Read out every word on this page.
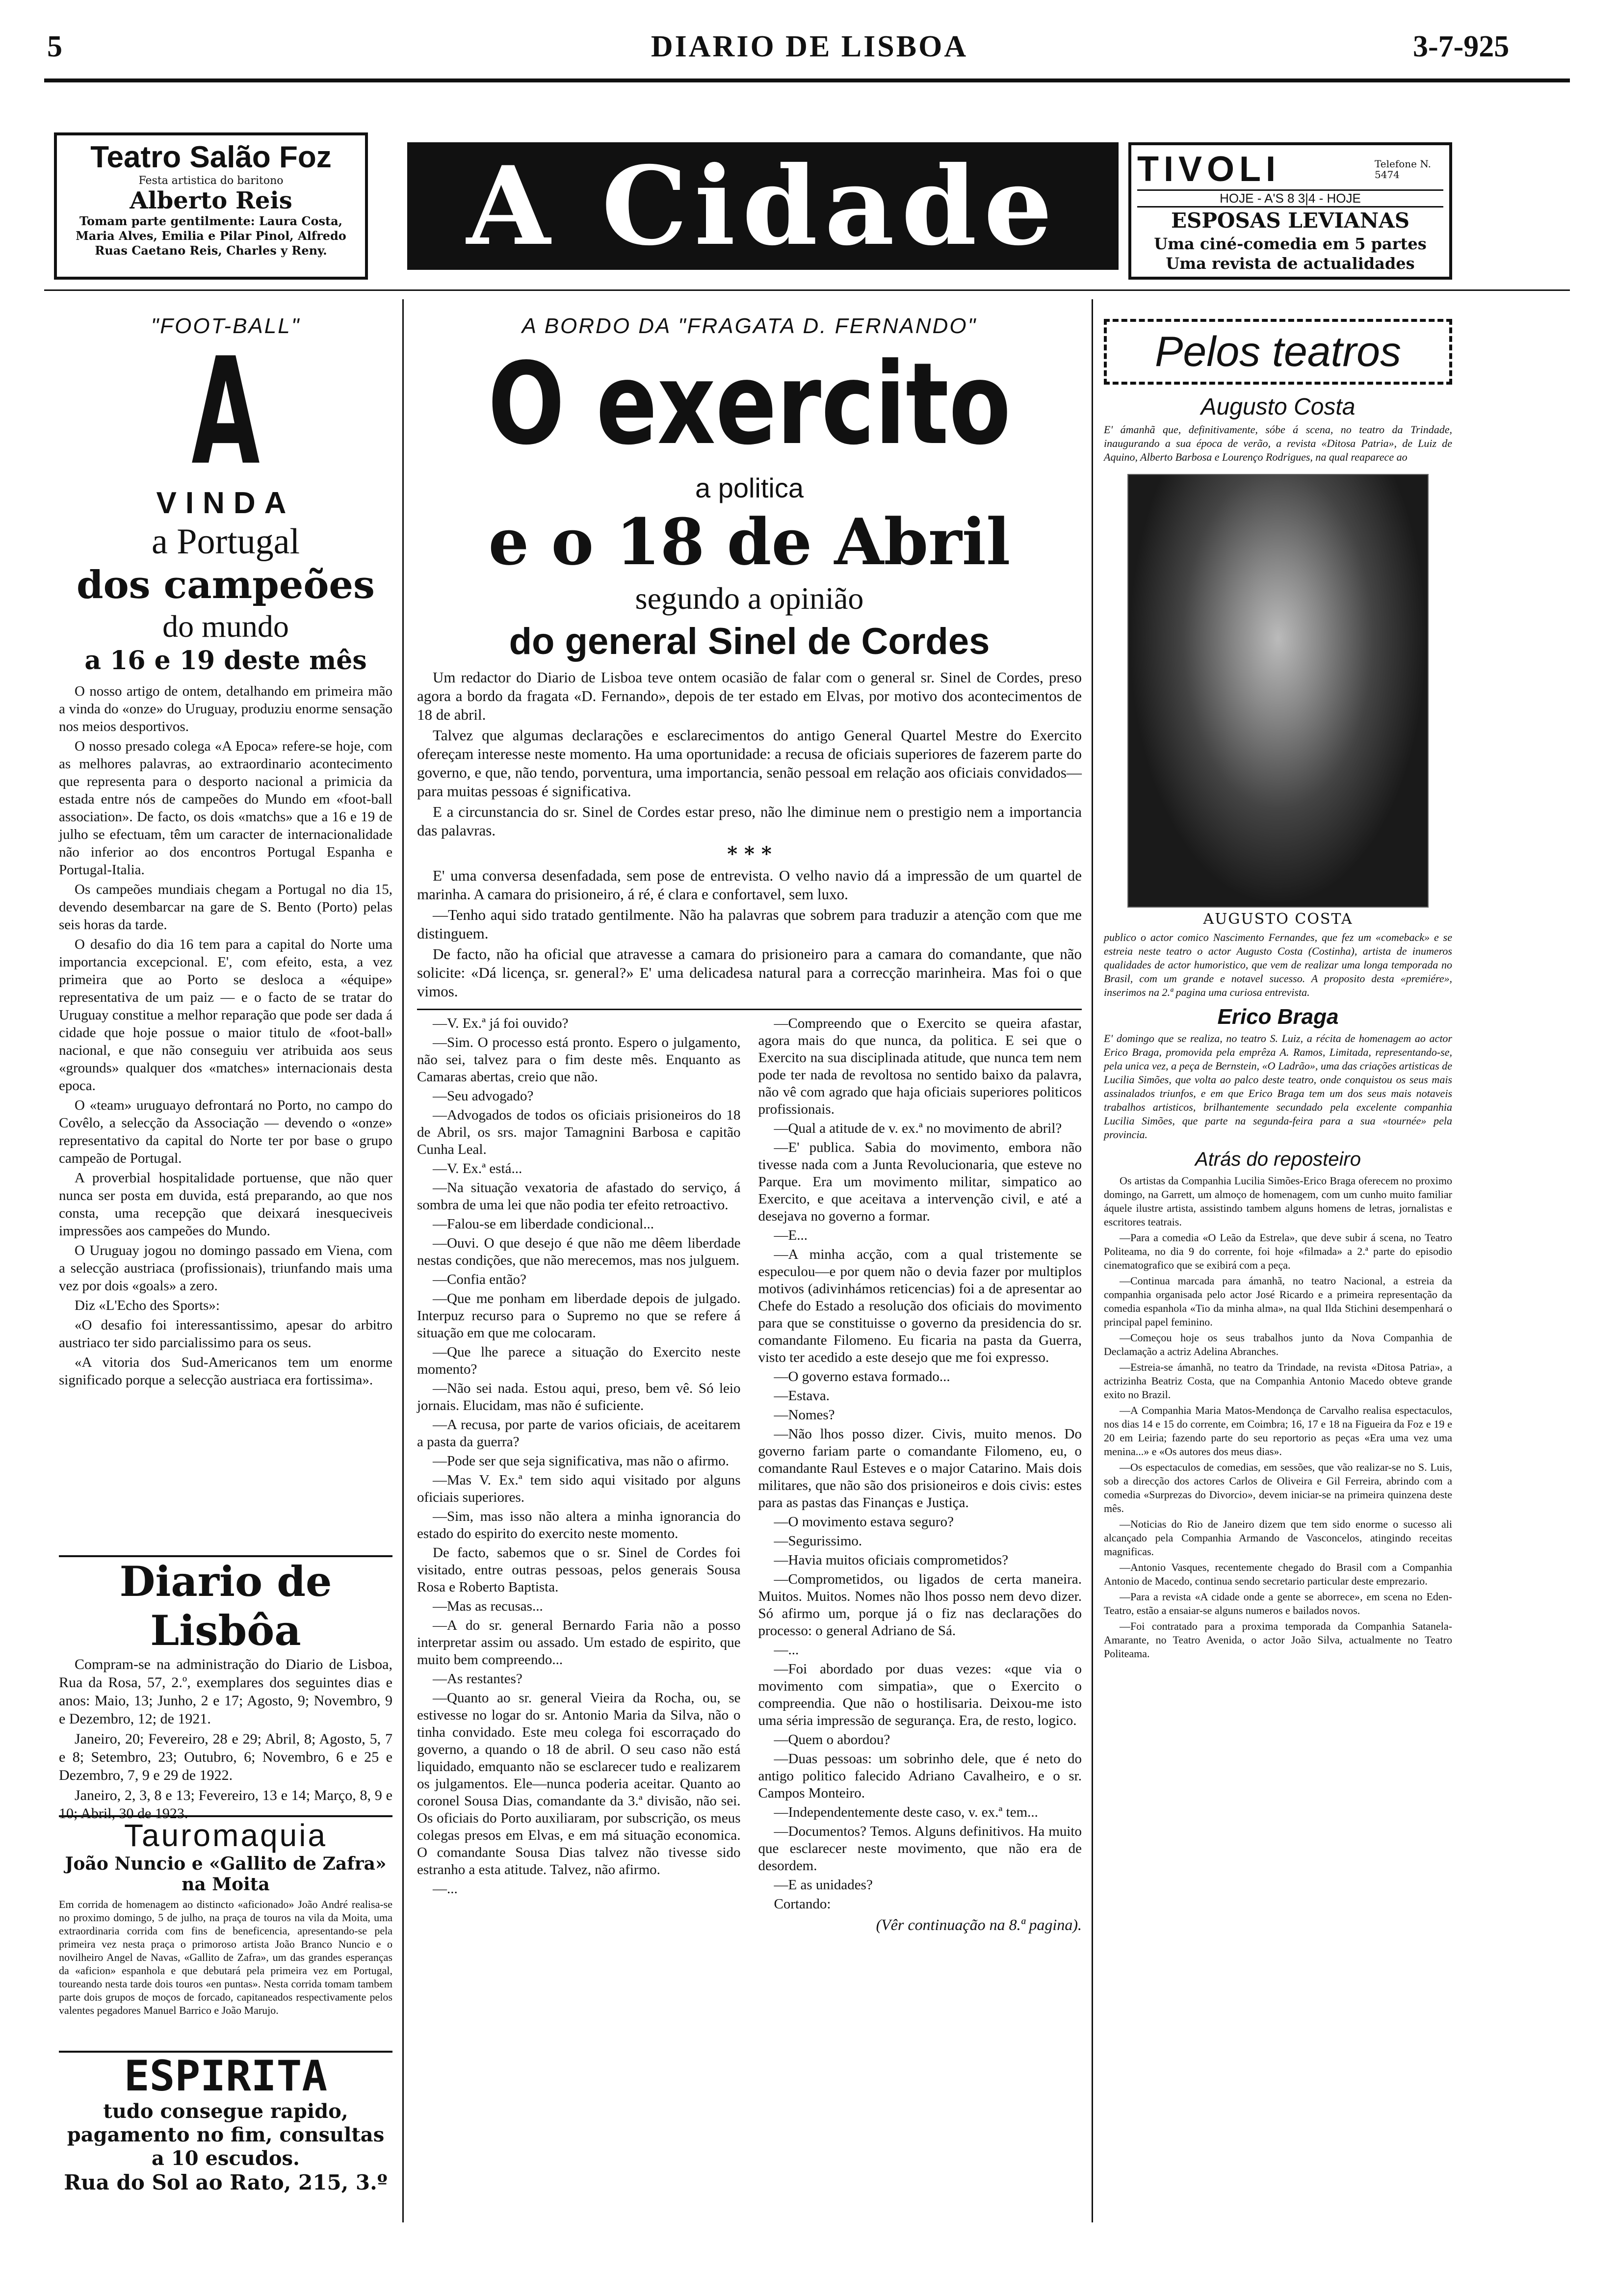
5	DIARIO DE LISBOA	3-7-925
Teatro Salão Foz
Festa artistica do baritono
Alberto Reis
Tomam parte gentilmente: Laura Costa, Maria Alves, Emilia e Pilar Pinol, Alfredo Ruas Caetano Reis, Charles y Reny.	A Cidade	TIVOLI	Telefone N. 5474
HOJE - A'S 8 3|4 - HOJE
ESPOSAS LEVIANAS
Uma ciné-comedia em 5 partes
Uma revista de actualidades
"FOOT-BALL"
A
VINDA
a Portugal
dos campeões
do mundo
a 16 e 19 deste mês

O nosso artigo de ontem, detalhando em primeira mão a vinda do «onze» do Uruguay, produziu enorme sensação nos meios desportivos.

O nosso presado colega «A Epoca» refere-se hoje, com as melhores palavras, ao extraordinario acontecimento que representa para o desporto nacional a primicia da estada entre nós de campeões do Mundo em «foot-ball association». De facto, os dois «matchs» que a 16 e 19 de julho se efectuam, têm um caracter de internacionalidade não inferior ao dos encontros Portugal Espanha e Portugal-Italia.

Os campeões mundiais chegam a Portugal no dia 15, devendo desembarcar na gare de S. Bento (Porto) pelas seis horas da tarde.

O desafio do dia 16 tem para a capital do Norte uma importancia excepcional. E', com efeito, esta, a vez primeira que ao Porto se desloca a «équipe» representativa de um paiz — e o facto de se tratar do Uruguay constitue a melhor reparação que pode ser dada á cidade que hoje possue o maior titulo de «foot-ball» nacional, e que não conseguiu ver atribuida aos seus «grounds» qualquer dos «matches» internacionais desta epoca.

O «team» uruguayo defrontará no Porto, no campo do Covêlo, a selecção da Associação — devendo o «onze» representativo da capital do Norte ter por base o grupo campeão de Portugal.

A proverbial hospitalidade portuense, que não quer nunca ser posta em duvida, está preparando, ao que nos consta, uma recepção que deixará inesqueciveis impressões aos campeões do Mundo.

O Uruguay jogou no domingo passado em Viena, com a selecção austriaca (profissionais), triunfando mais uma vez por dois «goals» a zero.

Diz «L'Echo des Sports»:

«O desafio foi interessantissimo, apesar do arbitro austriaco ter sido parcialissimo para os seus.

«A vitoria dos Sud-Americanos tem um enorme significado porque a selecção austriaca era fortissima».

Diario de Lisbôa

Compram-se na administração do Diario de Lisboa, Rua da Rosa, 57, 2.º, exemplares dos seguintes dias e anos: Maio, 13; Junho, 2 e 17; Agosto, 9; Novembro, 9 e Dezembro, 12; de 1921.

Janeiro, 20; Fevereiro, 28 e 29; Abril, 8; Agosto, 5, 7 e 8; Setembro, 23; Outubro, 6; Novembro, 6 e 25 e Dezembro, 7, 9 e 29 de 1922.

Janeiro, 2, 3, 8 e 13; Fevereiro, 13 e 14; Março, 8, 9 e 10; Abril, 30 de 1923.

Tauromaquia
João Nuncio e «Gallito de Zafra» na Moita
Em corrida de homenagem ao distincto «aficionado» João André realisa-se no proximo domingo, 5 de julho, na praça de touros na vila da Moita, uma extraordinaria corrida com fins de beneficencia, apresentando-se pela primeira vez nesta praça o primoroso artista João Branco Nuncio e o novilheiro Angel de Navas, «Gallito de Zafra», um das grandes esperanças da «aficion» espanhola e que debutará pela primeira vez em Portugal, toureando nesta tarde dois touros «en puntas». Nesta corrida tomam tambem parte dois grupos de moços de forcado, capitaneados respectivamente pelos valentes pegadores Manuel Barrico e João Marujo.
ESPIRITA
tudo consegue rapido, pagamento no fim, consultas a 10 escudos.
Rua do Sol ao Rato, 215, 3.º
A BORDO DA "FRAGATA D. FERNANDO"
O exercito
a politica
e o 18 de Abril
segundo a opinião
do general Sinel de Cordes

Um redactor do Diario de Lisboa teve ontem ocasião de falar com o general sr. Sinel de Cordes, preso agora a bordo da fragata «D. Fernando», depois de ter estado em Elvas, por motivo dos acontecimentos de 18 de abril.

Talvez que algumas declarações e esclarecimentos do antigo General Quartel Mestre do Exercito ofereçam interesse neste momento. Ha uma oportunidade: a recusa de oficiais superiores de fazerem parte do governo, e que, não tendo, porventura, uma importancia, senão pessoal em relação aos oficiais convidados—para muitas pessoas é significativa.

E a circunstancia do sr. Sinel de Cordes estar preso, não lhe diminue nem o prestigio nem a importancia das palavras.

* * *

E' uma conversa desenfadada, sem pose de entrevista. O velho navio dá a impressão de um quartel de marinha. A camara do prisioneiro, á ré, é clara e confortavel, sem luxo.

—Tenho aqui sido tratado gentilmente. Não ha palavras que sobrem para traduzir a atenção com que me distinguem.

De facto, não ha oficial que atravesse a camara do prisioneiro para a camara do comandante, que não solicite: «Dá licença, sr. general?» E' uma delicadesa natural para a correcção marinheira. Mas foi o que vimos.

—V. Ex.ª já foi ouvido?

—Sim. O processo está pronto. Espero o julgamento, não sei, talvez para o fim deste mês. Enquanto as Camaras abertas, creio que não.

—Seu advogado?

—Advogados de todos os oficiais prisioneiros do 18 de Abril, os srs. major Tamagnini Barbosa e capitão Cunha Leal.

—V. Ex.ª está...

—Na situação vexatoria de afastado do serviço, á sombra de uma lei que não podia ter efeito retroactivo.

—Falou-se em liberdade condicional...

—Ouvi. O que desejo é que não me dêem liberdade nestas condições, que não merecemos, mas nos julguem.

—Confia então?

—Que me ponham em liberdade depois de julgado. Interpuz recurso para o Supremo no que se refere á situação em que me colocaram.

—Que lhe parece a situação do Exercito neste momento?

—Não sei nada. Estou aqui, preso, bem vê. Só leio jornais. Elucidam, mas não é suficiente.

—A recusa, por parte de varios oficiais, de aceitarem a pasta da guerra?

—Pode ser que seja significativa, mas não o afirmo.

—Mas V. Ex.ª tem sido aqui visitado por alguns oficiais superiores.

—Sim, mas isso não altera a minha ignorancia do estado do espirito do exercito neste momento.

De facto, sabemos que o sr. Sinel de Cordes foi visitado, entre outras pessoas, pelos generais Sousa Rosa e Roberto Baptista.

—Mas as recusas...

—A do sr. general Bernardo Faria não a posso interpretar assim ou assado. Um estado de espirito, que muito bem compreendo...

—As restantes?

—Quanto ao sr. general Vieira da Rocha, ou, se estivesse no logar do sr. Antonio Maria da Silva, não o tinha convidado. Este meu colega foi escorraçado do governo, a quando o 18 de abril. O seu caso não está liquidado, emquanto não se esclarecer tudo e realizarem os julgamentos. Ele—nunca poderia aceitar. Quanto ao coronel Sousa Dias, comandante da 3.ª divisão, não sei. Os oficiais do Porto auxiliaram, por subscrição, os meus colegas presos em Elvas, e em má situação economica. O comandante Sousa Dias talvez não tivesse sido estranho a esta atitude. Talvez, não afirmo.

—...

—Compreendo que o Exercito se queira afastar, agora mais do que nunca, da politica. E sei que o Exercito na sua disciplinada atitude, que nunca tem nem pode ter nada de revoltosa no sentido baixo da palavra, não vê com agrado que haja oficiais superiores politicos profissionais.

—Qual a atitude de v. ex.ª no movimento de abril?

—E' publica. Sabia do movimento, embora não tivesse nada com a Junta Revolucionaria, que esteve no Parque. Era um movimento militar, simpatico ao Exercito, e que aceitava a intervenção civil, e até a desejava no governo a formar.

—E...

—A minha acção, com a qual tristemente se especulou—e por quem não o devia fazer por multiplos motivos (adivinhámos reticencias) foi a de apresentar ao Chefe do Estado a resolução dos oficiais do movimento para que se constituisse o governo da presidencia do sr. comandante Filomeno. Eu ficaria na pasta da Guerra, visto ter acedido a este desejo que me foi expresso.

—O governo estava formado...

—Estava.

—Nomes?

—Não lhos posso dizer. Civis, muito menos. Do governo fariam parte o comandante Filomeno, eu, o comandante Raul Esteves e o major Catarino. Mais dois militares, que não são dos prisioneiros e dois civis: estes para as pastas das Finanças e Justiça.

—O movimento estava seguro?

—Segurissimo.

—Havia muitos oficiais comprometidos?

—Comprometidos, ou ligados de certa maneira. Muitos. Muitos. Nomes não lhos posso nem devo dizer. Só afirmo um, porque já o fiz nas declarações do processo: o general Adriano de Sá.

—...

—Foi abordado por duas vezes: «que via o movimento com simpatia», que o Exercito o compreendia. Que não o hostilisaria. Deixou-me isto uma séria impressão de segurança. Era, de resto, logico.

—Quem o abordou?

—Duas pessoas: um sobrinho dele, que é neto do antigo politico falecido Adriano Cavalheiro, e o sr. Campos Monteiro.

—Independentemente deste caso, v. ex.ª tem...

—Documentos? Temos. Alguns definitivos. Ha muito que esclarecer neste movimento, que não era de desordem.

—E as unidades?

Cortando:

(Vêr continuação na 8.ª pagina).
Pelos teatros
Augusto Costa
E' ámanhã que, definitivamente, sóbe á scena, no teatro da Trindade, inaugurando a sua época de verão, a revista «Ditosa Patria», de Luiz de Aquino, Alberto Barbosa e Lourenço Rodrigues, na qual reaparece ao
AUGUSTO COSTA
publico o actor comico Nascimento Fernandes, que fez um «comeback» e se estreia neste teatro o actor Augusto Costa (Costinha), artista de inumeros qualidades de actor humoristico, que vem de realizar uma longa temporada no Brasil, com um grande e notavel sucesso. A proposito desta «premiére», inserimos na 2.ª pagina uma curiosa entrevista.
Erico Braga
E' domingo que se realiza, no teatro S. Luiz, a récita de homenagem ao actor Erico Braga, promovida pela emprêza A. Ramos, Limitada, representando-se, pela unica vez, a peça de Bernstein, «O Ladrão», uma das criações artisticas de Lucilia Simões, que volta ao palco deste teatro, onde conquistou os seus mais assinalados triunfos, e em que Erico Braga tem um dos seus mais notaveis trabalhos artisticos, brilhantemente secundado pela excelente companhia Lucilia Simões, que parte na segunda-feira para a sua «tournée» pela provincia.
Atrás do reposteiro

Os artistas da Companhia Lucilia Simões-Erico Braga oferecem no proximo domingo, na Garrett, um almoço de homenagem, com um cunho muito familiar áquele ilustre artista, assistindo tambem alguns homens de letras, jornalistas e escritores teatrais.

—Para a comedia «O Leão da Estrela», que deve subir á scena, no Teatro Politeama, no dia 9 do corrente, foi hoje «filmada» a 2.ª parte do episodio cinematografico que se exibirá com a peça.

—Continua marcada para ámanhã, no teatro Nacional, a estreia da companhia organisada pelo actor José Ricardo e a primeira representação da comedia espanhola «Tio da minha alma», na qual Ilda Stichini desempenhará o principal papel feminino.

—Começou hoje os seus trabalhos junto da Nova Companhia de Declamação a actriz Adelina Abranches.

—Estreia-se ámanhã, no teatro da Trindade, na revista «Ditosa Patria», a actrizinha Beatriz Costa, que na Companhia Antonio Macedo obteve grande exito no Brazil.

—A Companhia Maria Matos-Mendonça de Carvalho realisa espectaculos, nos dias 14 e 15 do corrente, em Coimbra; 16, 17 e 18 na Figueira da Foz e 19 e 20 em Leiria; fazendo parte do seu reportorio as peças «Era uma vez uma menina...» e «Os autores dos meus dias».

—Os espectaculos de comedias, em sessões, que vão realizar-se no S. Luis, sob a direcção dos actores Carlos de Oliveira e Gil Ferreira, abrindo com a comedia «Surprezas do Divorcio», devem iniciar-se na primeira quinzena deste mês.

—Noticias do Rio de Janeiro dizem que tem sido enorme o sucesso ali alcançado pela Companhia Armando de Vasconcelos, atingindo receitas magnificas.

—Antonio Vasques, recentemente chegado do Brasil com a Companhia Antonio de Macedo, continua sendo secretario particular deste emprezario.

—Para a revista «A cidade onde a gente se aborrece», em scena no Eden-Teatro, estão a ensaiar-se alguns numeros e bailados novos.

—Foi contratado para a proxima temporada da Companhia Satanela-Amarante, no Teatro Avenida, o actor João Silva, actualmente no Teatro Politeama.
